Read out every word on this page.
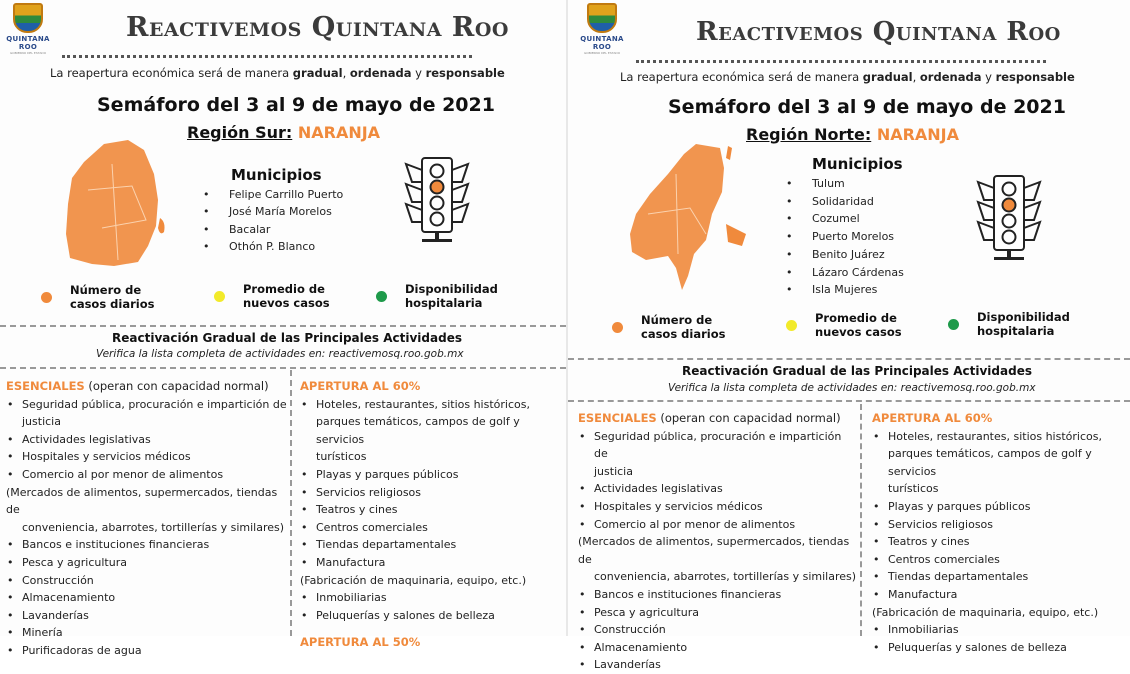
QUINTANA ROO
GOBIERNO DEL ESTADO
Reactivemos Quintana Roo
La reapertura económica será de manera gradual, ordenada y responsable
Semáforo del 3 al 9 de mayo de 2021
Región Sur: NARANJA
Municipios
• Felipe Carrillo Puerto
• José María Morelos
• Bacalar
• Othón P. Blanco
Número de
casos diarios
Promedio de
nuevos casos
Disponibilidad
hospitalaria
Reactivación Gradual de las Principales Actividades
Verifica la lista completa de actividades en: reactivemosq.roo.gob.mx
ESENCIALES (operan con capacidad normal)
• Seguridad pública, procuración e impartición de
justicia
• Actividades legislativas
• Hospitales y servicios médicos
• Comercio al por menor de alimentos
(Mercados de alimentos, supermercados, tiendas de
conveniencia, abarrotes, tortillerías y similares)
• Bancos e instituciones financieras
• Pesca y agricultura
• Construcción
• Almacenamiento
• Lavanderías
• Minería
• Purificadoras de agua
APERTURA AL 60%
• Hoteles, restaurantes, sitios históricos,
parques temáticos, campos de golf y servicios
turísticos
• Playas y parques públicos
• Servicios religiosos
• Teatros y cines
• Centros comerciales
• Tiendas departamentales
• Manufactura
(Fabricación de maquinaria, equipo, etc.)
• Inmobiliarias
• Peluquerías y salones de belleza
APERTURA AL 50%
QUINTANA ROO
GOBIERNO DEL ESTADO
Reactivemos Quintana Roo
La reapertura económica será de manera gradual, ordenada y responsable
Semáforo del 3 al 9 de mayo de 2021
Región Norte: NARANJA
Municipios
• Tulum
• Solidaridad
• Cozumel
• Puerto Morelos
• Benito Juárez
• Lázaro Cárdenas
• Isla Mujeres
Número de
casos diarios
Promedio de
nuevos casos
Disponibilidad
hospitalaria
Reactivación Gradual de las Principales Actividades
Verifica la lista completa de actividades en: reactivemosq.roo.gob.mx
ESENCIALES (operan con capacidad normal)
• Seguridad pública, procuración e impartición de
justicia
• Actividades legislativas
• Hospitales y servicios médicos
• Comercio al por menor de alimentos
(Mercados de alimentos, supermercados, tiendas de
conveniencia, abarrotes, tortillerías y similares)
• Bancos e instituciones financieras
• Pesca y agricultura
• Construcción
• Almacenamiento
• Lavanderías
APERTURA AL 60%
• Hoteles, restaurantes, sitios históricos,
parques temáticos, campos de golf y servicios
turísticos
• Playas y parques públicos
• Servicios religiosos
• Teatros y cines
• Centros comerciales
• Tiendas departamentales
• Manufactura
(Fabricación de maquinaria, equipo, etc.)
• Inmobiliarias
• Peluquerías y salones de belleza
